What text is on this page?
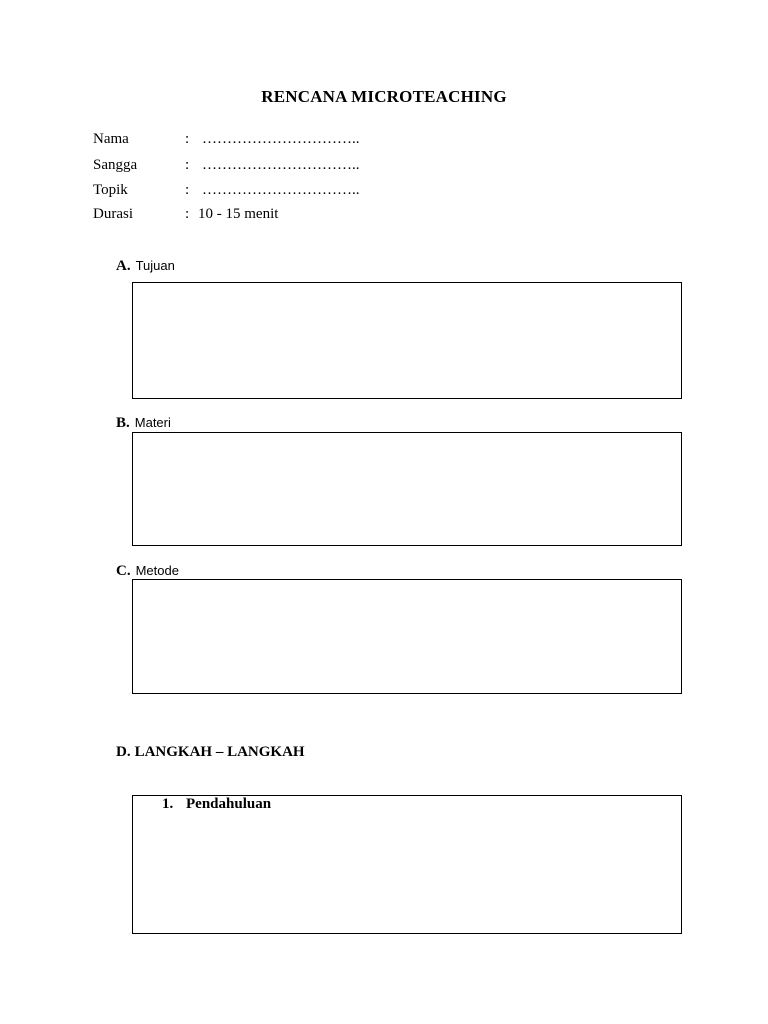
RENCANA MICROTEACHING
Nama	: …………………………..
Sangga	: …………………………..
Topik	: …………………………..
Durasi	: 10 - 15 menit
A. Tujuan
B. Materi
C. Metode
D. LANGKAH – LANGKAH
1. Pendahuluan
